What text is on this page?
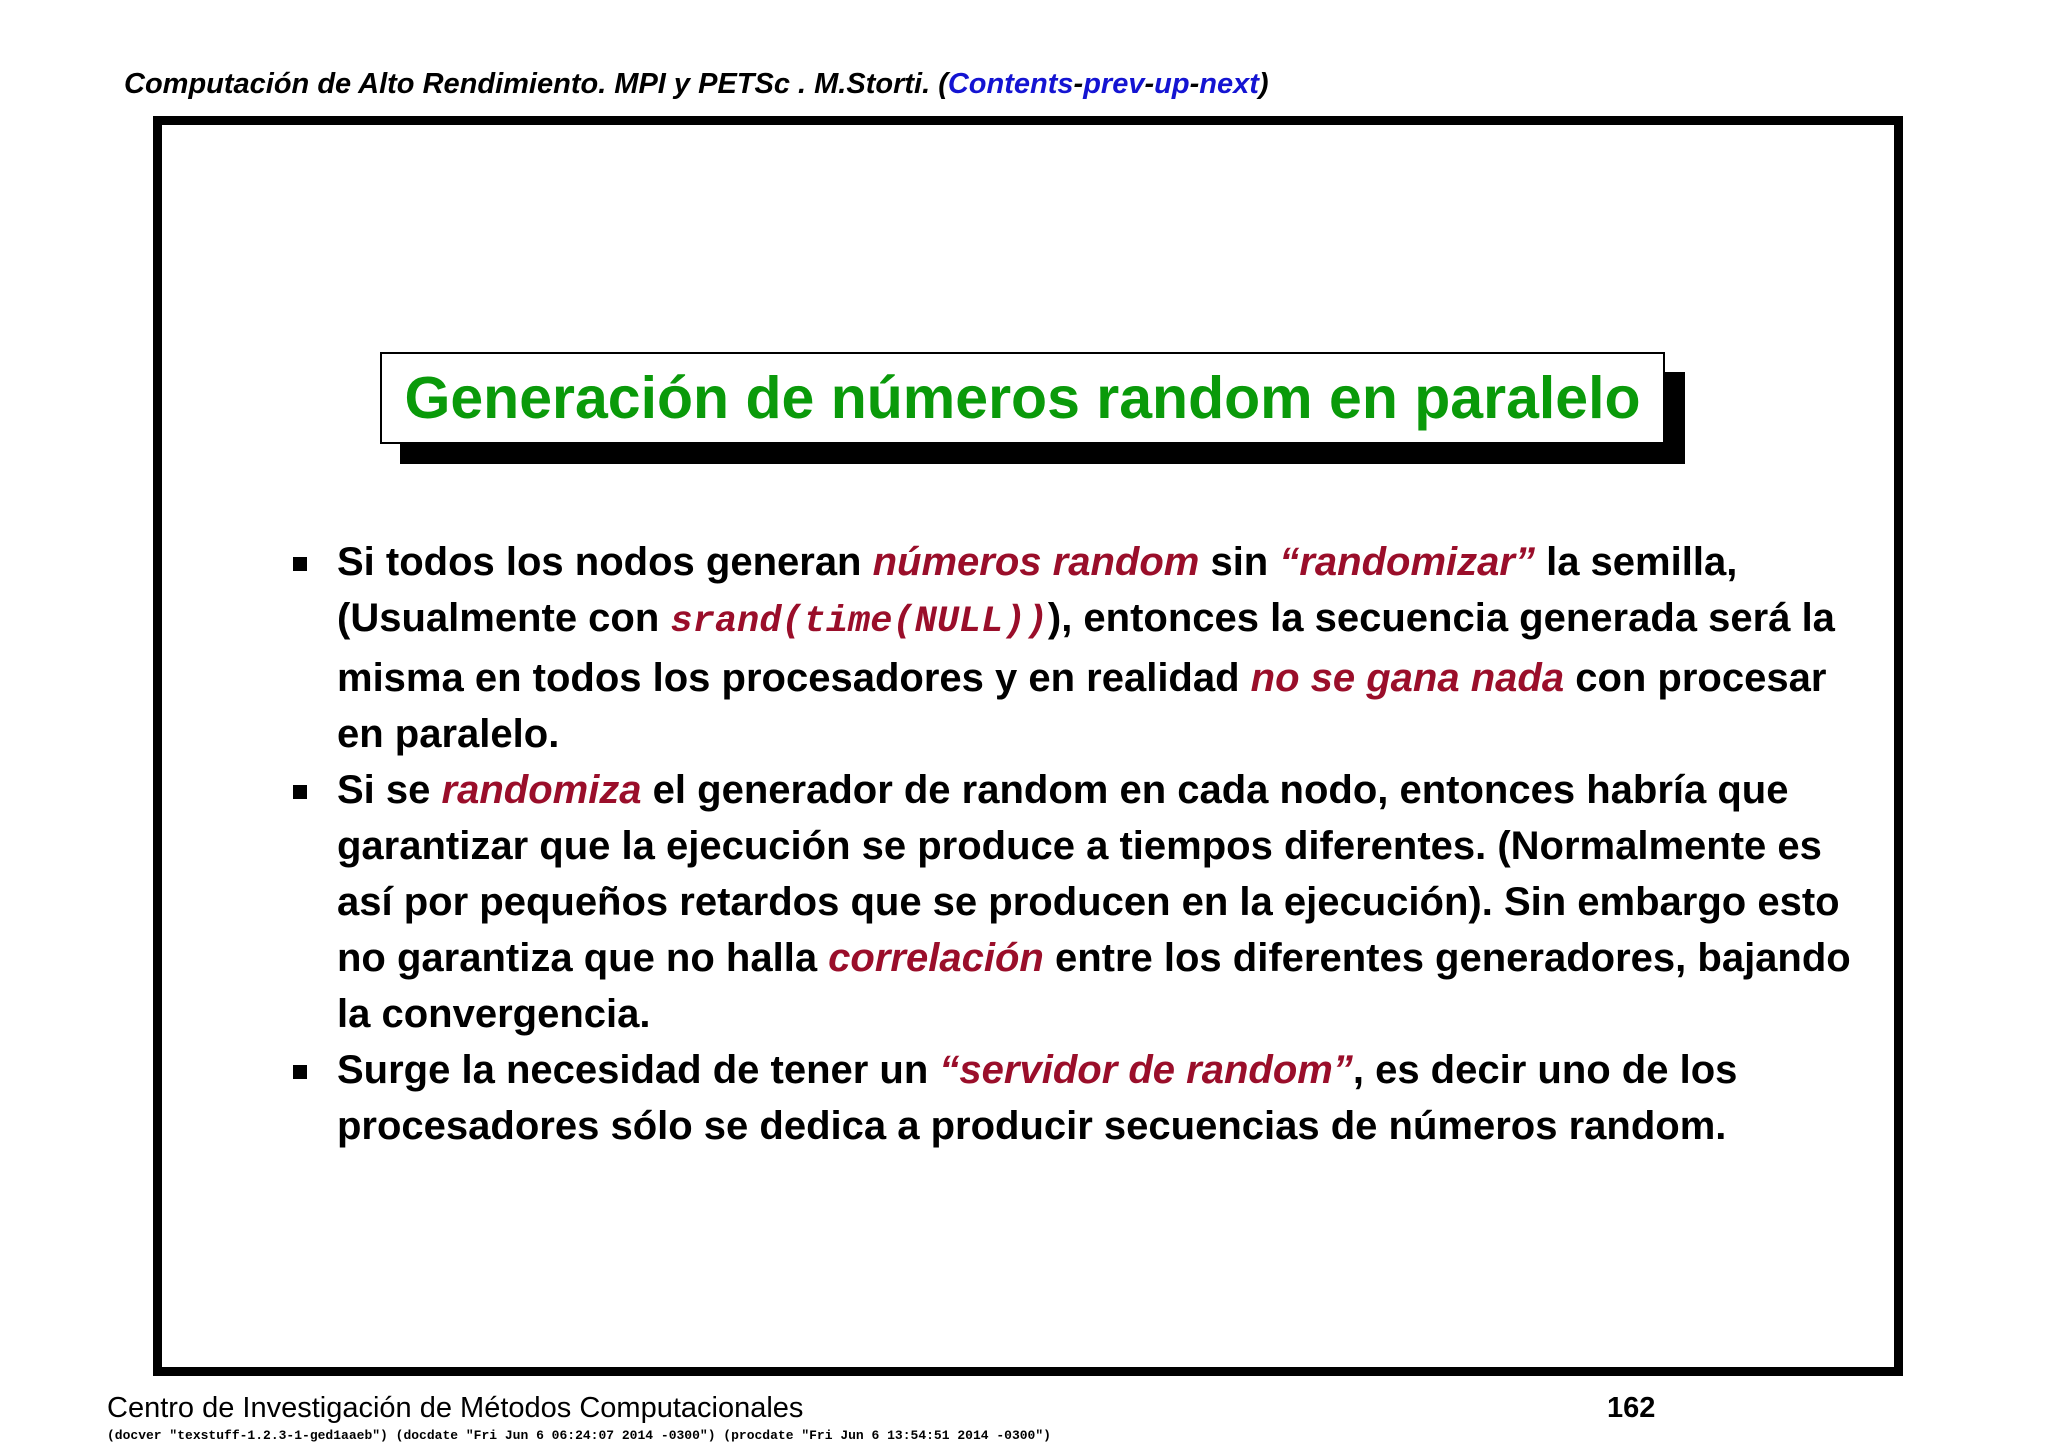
Computación de Alto Rendimiento. MPI y PETSc . M.Storti. (Contents-prev-up-next)
Generación de números random en paralelo
Si todos los nodos generan números random sin “randomizar” la semilla, (Usualmente con srand(time(NULL))), entonces la secuencia generada será la misma en todos los procesadores y en realidad no se gana nada con procesar en paralelo.
Si se randomiza el generador de random en cada nodo, entonces habría que garantizar que la ejecución se produce a tiempos diferentes. (Normalmente es así por pequeños retardos que se producen en la ejecución). Sin embargo esto no garantiza que no halla correlación entre los diferentes generadores, bajando la convergencia.
Surge la necesidad de tener un “servidor de random”, es decir uno de los procesadores sólo se dedica a producir secuencias de números random.
Centro de Investigación de Métodos Computacionales	162
(docver "texstuff-1.2.3-1-ged1aaeb") (docdate "Fri Jun 6 06:24:07 2014 -0300") (procdate "Fri Jun 6 13:54:51 2014 -0300")
